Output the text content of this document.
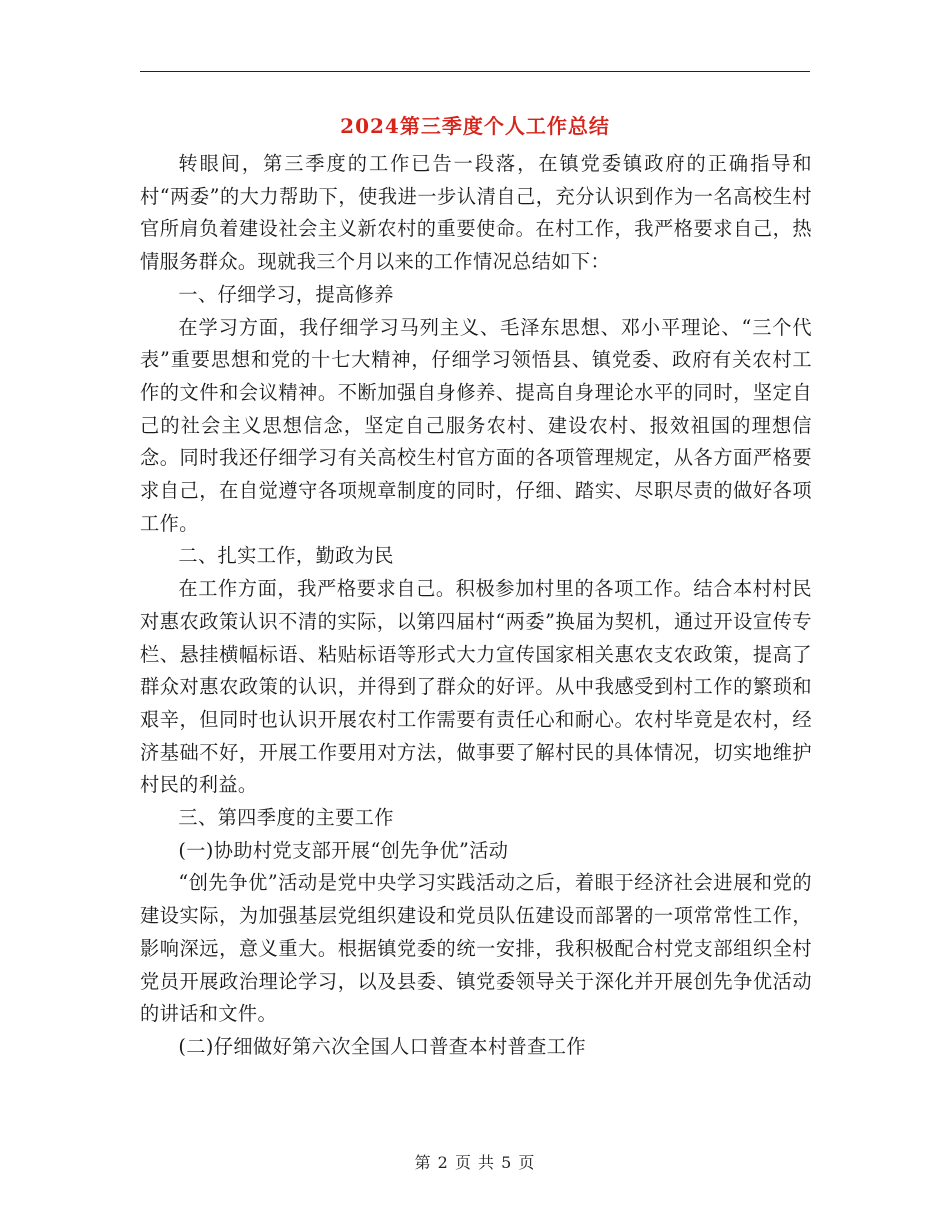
2024第三季度个人工作总结

转眼间，第三季度的工作已告一段落，在镇党委镇政府的正确指导和村“两委”的大力帮助下，使我进一步认清自己，充分认识到作为一名高校生村官所肩负着建设社会主义新农村的重要使命。在村工作，我严格要求自己，热情服务群众。现就我三个月以来的工作情况总结如下：

一、仔细学习，提高修养

在学习方面，我仔细学习马列主义、毛泽东思想、邓小平理论、“三个代表”重要思想和党的十七大精神，仔细学习领悟县、镇党委、政府有关农村工作的文件和会议精神。不断加强自身修养、提高自身理论水平的同时，坚定自己的社会主义思想信念，坚定自己服务农村、建设农村、报效祖国的理想信念。同时我还仔细学习有关高校生村官方面的各项管理规定，从各方面严格要求自己，在自觉遵守各项规章制度的同时，仔细、踏实、尽职尽责的做好各项工作。

二、扎实工作，勤政为民

在工作方面，我严格要求自己。积极参加村里的各项工作。结合本村村民对惠农政策认识不清的实际，以第四届村“两委”换届为契机，通过开设宣传专栏、悬挂横幅标语、粘贴标语等形式大力宣传国家相关惠农支农政策，提高了群众对惠农政策的认识，并得到了群众的好评。从中我感受到村工作的繁琐和艰辛，但同时也认识开展农村工作需要有责任心和耐心。农村毕竟是农村，经济基础不好，开展工作要用对方法，做事要了解村民的具体情况，切实地维护村民的利益。

三、第四季度的主要工作

(一)协助村党支部开展“创先争优”活动

“创先争优”活动是党中央学习实践活动之后，着眼于经济社会进展和党的建设实际，为加强基层党组织建设和党员队伍建设而部署的一项常常性工作，影响深远，意义重大。根据镇党委的统一安排，我积极配合村党支部组织全村党员开展政治理论学习，以及县委、镇党委领导关于深化并开展创先争优活动的讲话和文件。

(二)仔细做好第六次全国人口普查本村普查工作

第 2 页 共 5 页
